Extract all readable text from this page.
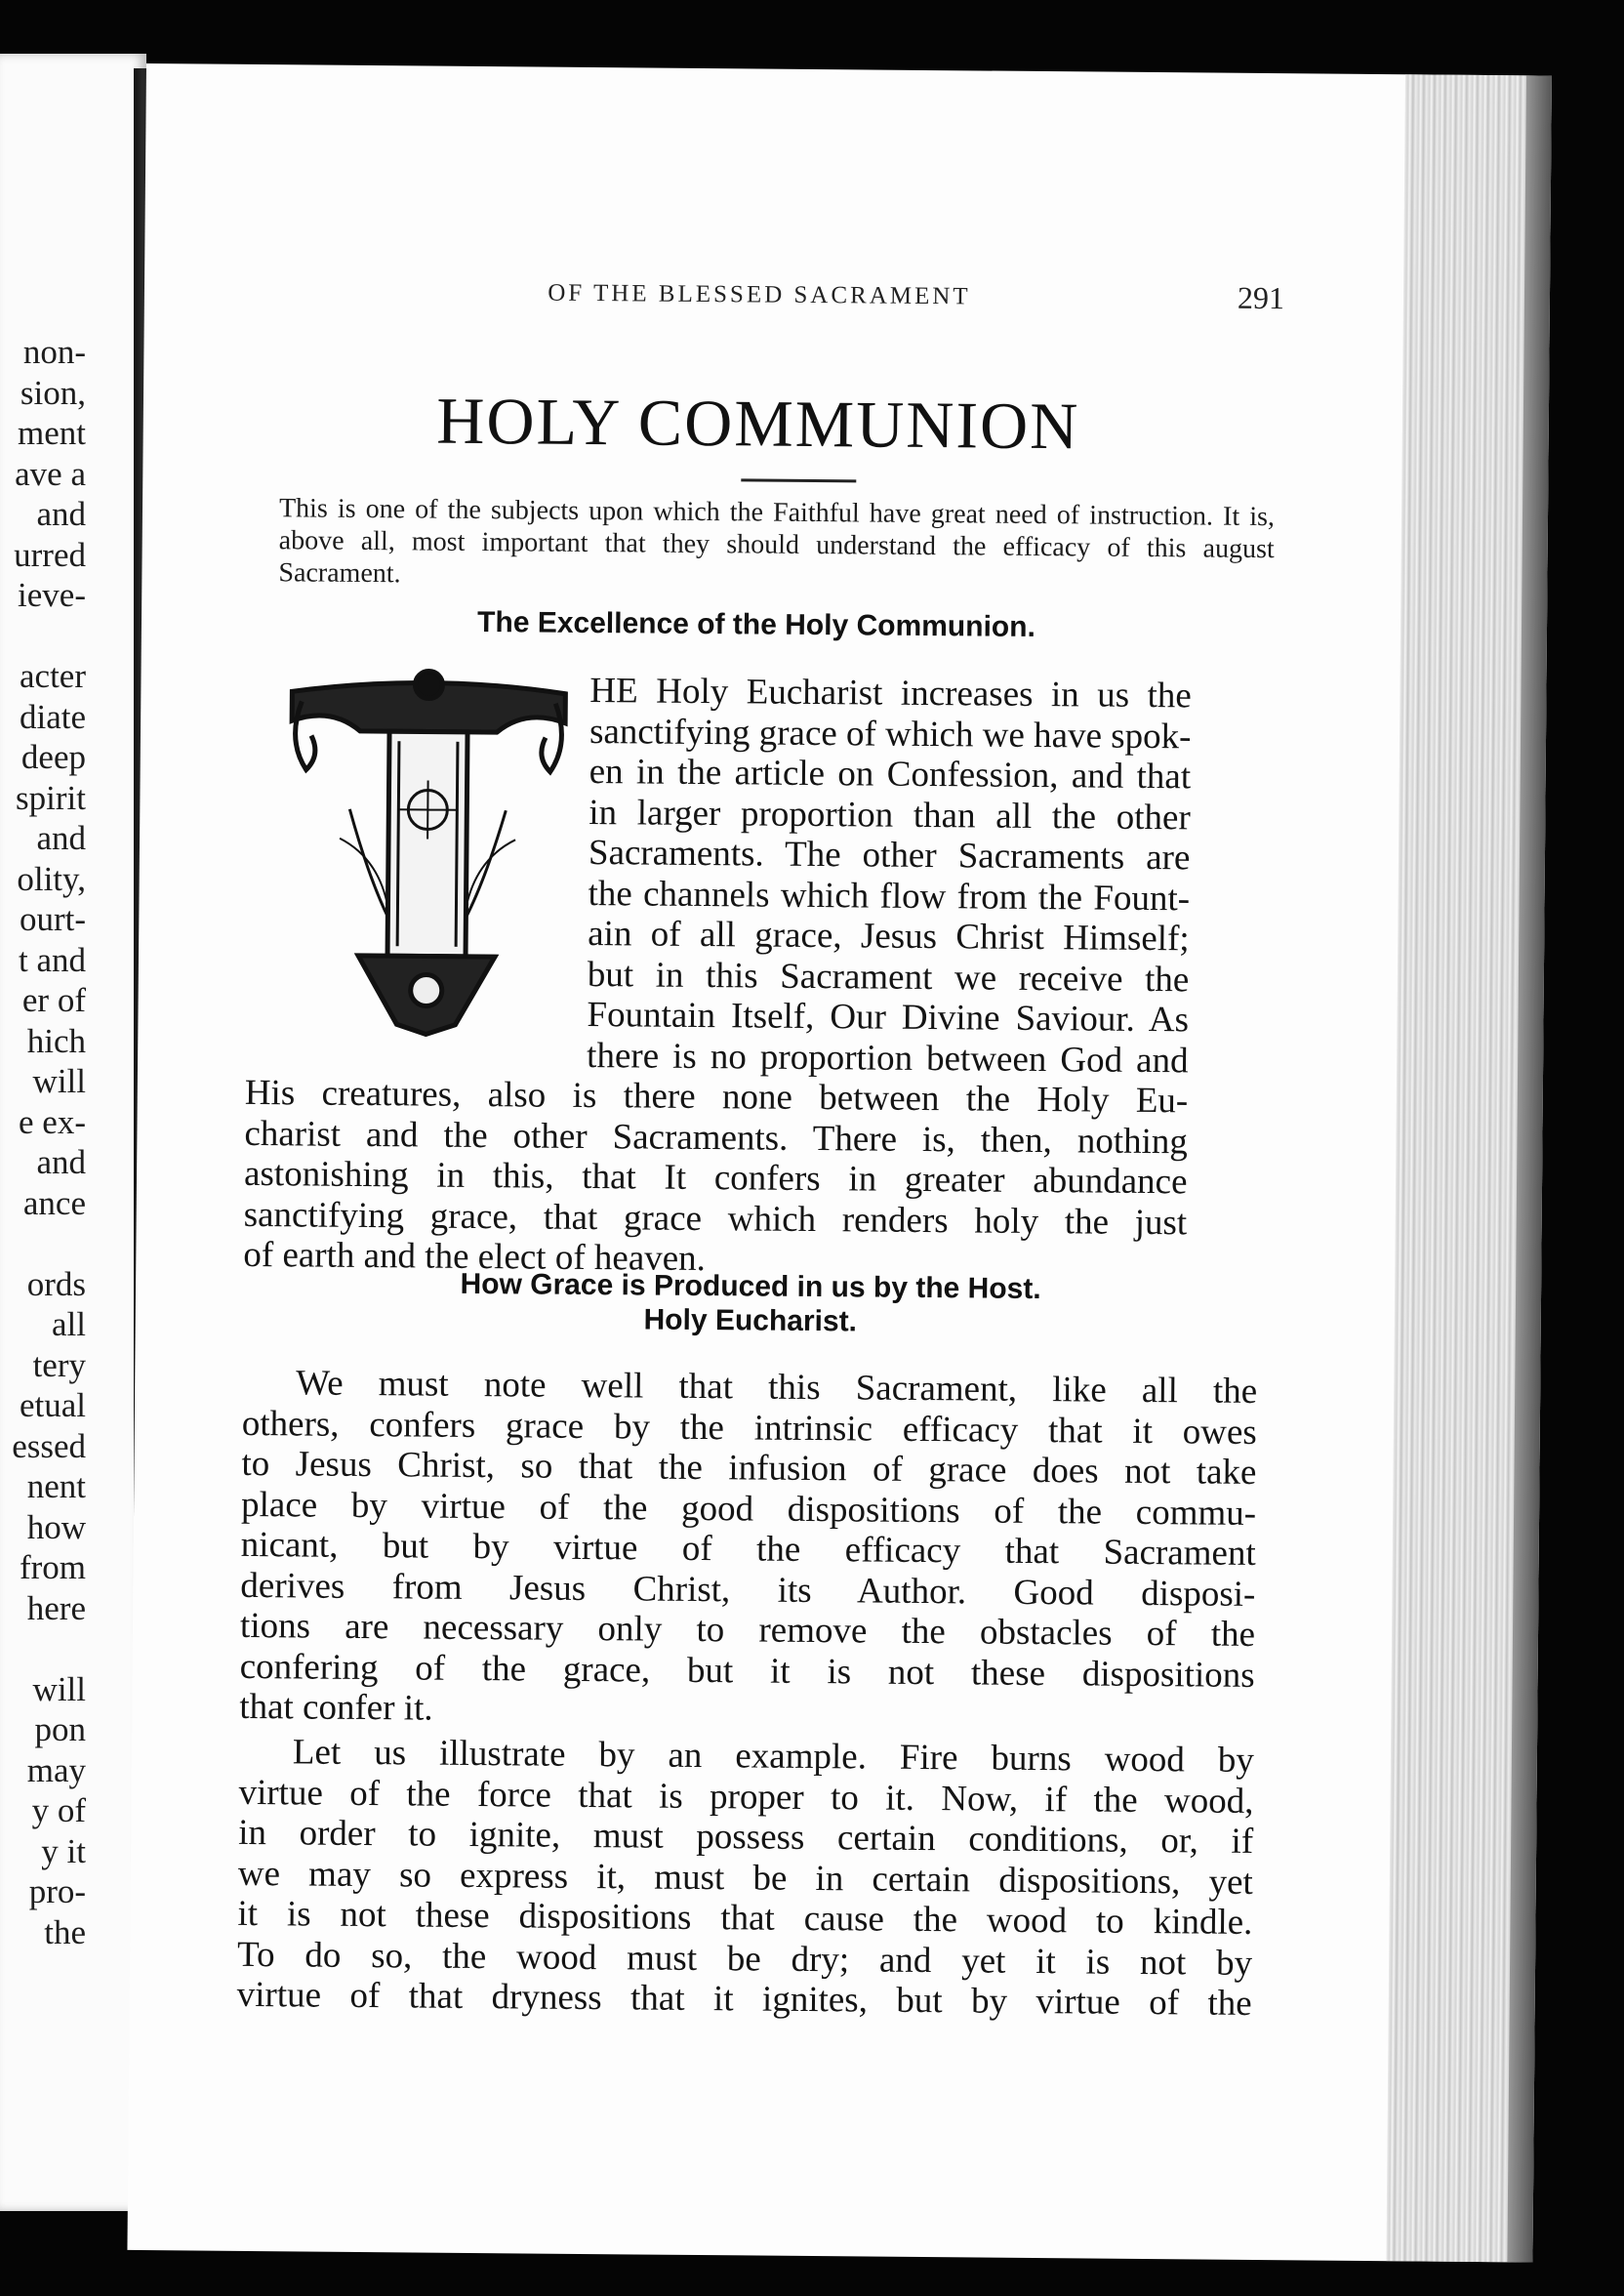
non-
sion,
ment
ave a
and
urred
ieve-
acter
diate
deep
spirit
and
olity,
ourt-
t and
er of
hich
will
e ex-
and
ance
ords
all
tery
etual
essed
nent
how
from
here
will
pon
may
y of
y it
pro-
the
OF THE BLESSED SACRAMENT	291
HOLY COMMUNION
This is one of the subjects upon which the Faithful have great need of instruction. It is, above all, most important that they should understand the efficacy of this august Sacrament.
The Excellence of the Holy Communion.
HE Holy Eucharist increases in us the
sanctifying grace of which we have spok-
en in the article on Confession, and that
in larger proportion than all the other
Sacraments. The other Sacraments are
the channels which flow from the Fount-
ain of all grace, Jesus Christ Himself;
but in this Sacrament we receive the
Fountain Itself, Our Divine Saviour. As
there is no proportion between God and
His creatures, also is there none between the Holy Eu-
charist and the other Sacraments. There is, then, nothing
astonishing in this, that It confers in greater abundance
sanctifying grace, that grace which renders holy the just
of earth and the elect of heaven.
How Grace is Produced in us by the Host.
Holy Eucharist.
We must note well that this Sacrament, like all the
others, confers grace by the intrinsic efficacy that it owes
to Jesus Christ, so that the infusion of grace does not take
place by virtue of the good dispositions of the commu-
nicant, but by virtue of the efficacy that Sacrament
derives from Jesus Christ, its Author. Good disposi-
tions are necessary only to remove the obstacles of the
confering of the grace, but it is not these dispositions
that confer it.
Let us illustrate by an example. Fire burns wood by
virtue of the force that is proper to it. Now, if the wood,
in order to ignite, must possess certain conditions, or, if
we may so express it, must be in certain dispositions, yet
it is not these dispositions that cause the wood to kindle.
To do so, the wood must be dry; and yet it is not by
virtue of that dryness that it ignites, but by virtue of the
